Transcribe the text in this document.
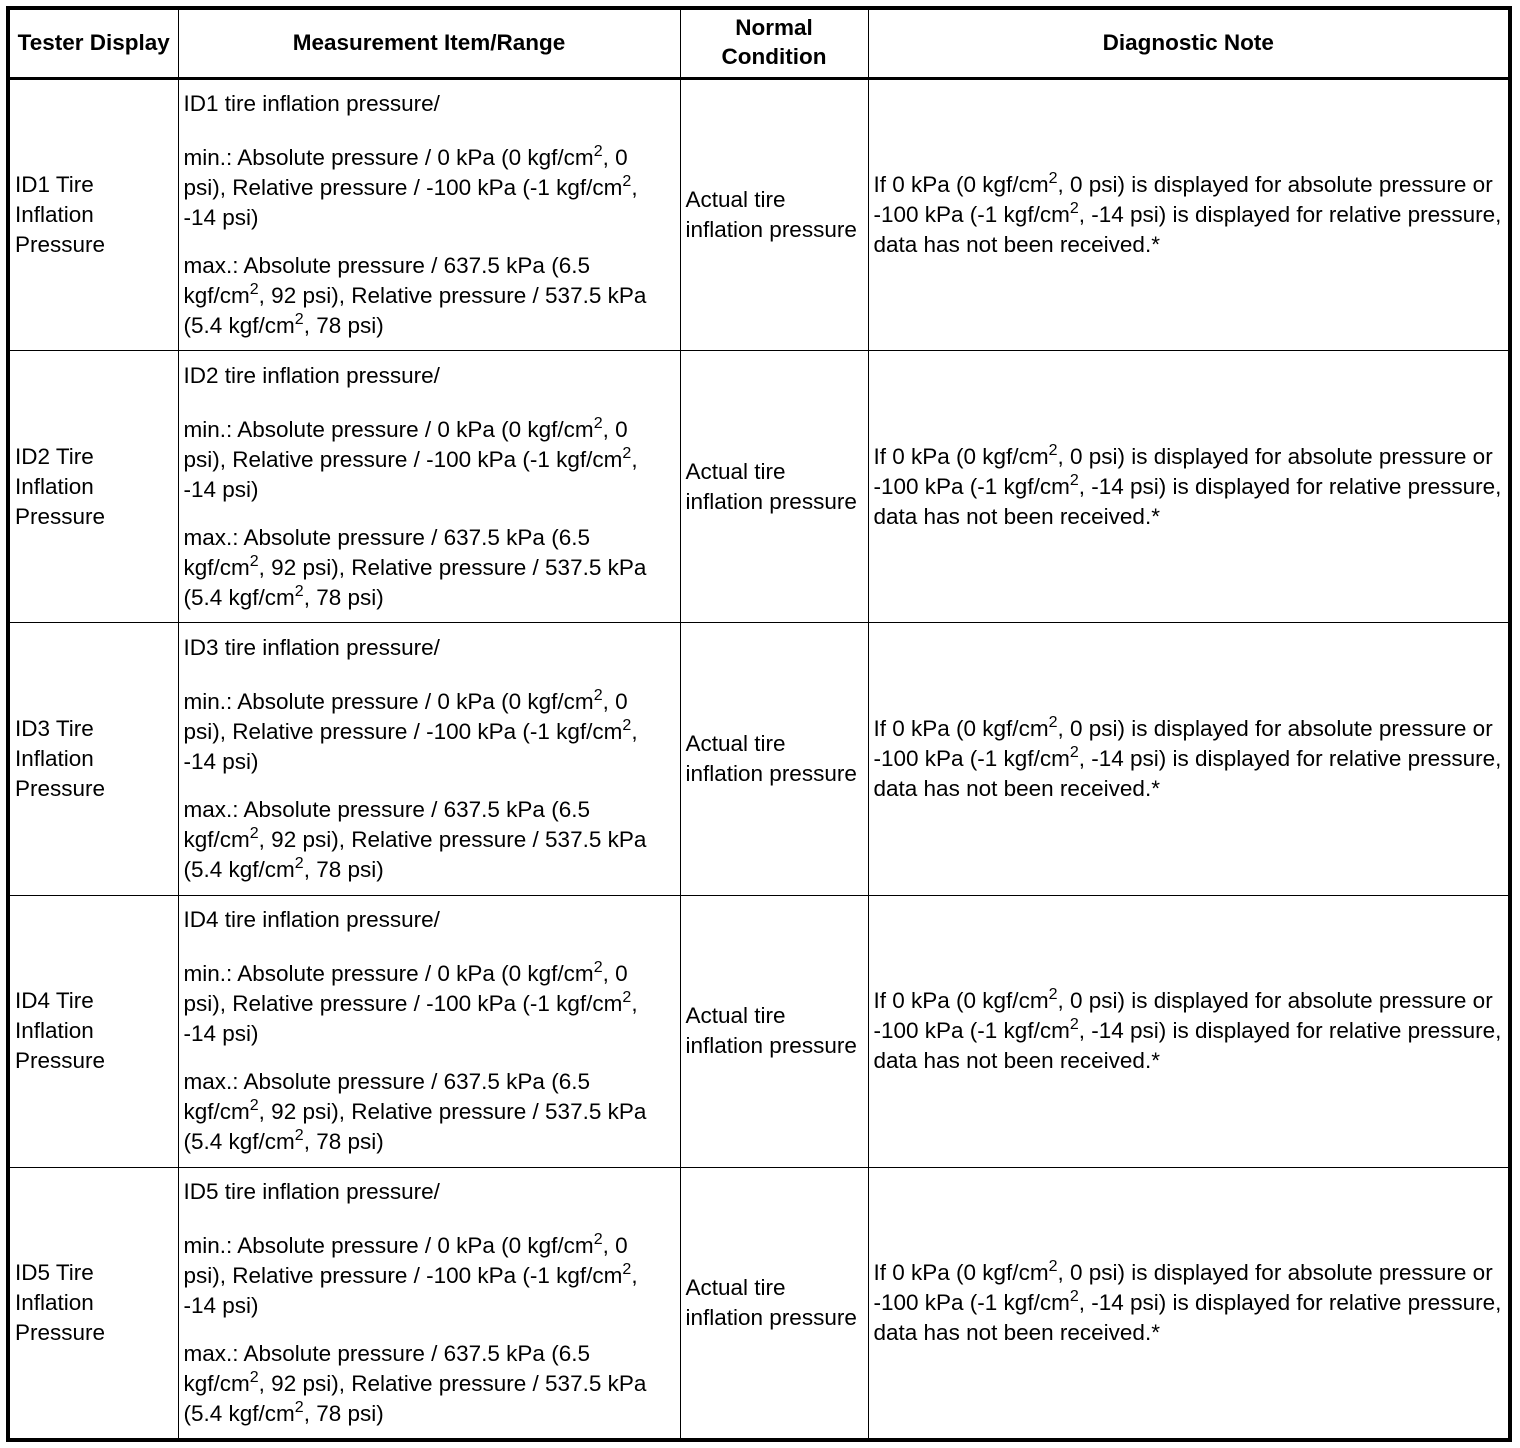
Tester Display	Measurement Item/Range	Normal Condition	Diagnostic Note
ID1 Tire Inflation Pressure	ID1 tire inflation pressure/
min.: Absolute pressure / 0 kPa (0 kgf/$cm^2$, 0 psi), Relative pressure / -100 kPa (-1 kgf/$cm^2$, -14 psi)
max.: Absolute pressure / 637.5 kPa (6.5 kgf/$cm^2$, 92 psi), Relative pressure / 537.5 kPa (5.4 kgf/$cm^2$, 78 psi)	Actual tire inflation pressure	If 0 kPa (0 kgf/$cm^2$, 0 psi) is displayed for absolute pressure or -100 kPa (-1 kgf/$cm^2$, -14 psi) is displayed for relative pressure, data has not been received.*
ID2 Tire Inflation Pressure	ID2 tire inflation pressure/
min.: Absolute pressure / 0 kPa (0 kgf/$cm^2$, 0 psi), Relative pressure / -100 kPa (-1 kgf/$cm^2$, -14 psi)
max.: Absolute pressure / 637.5 kPa (6.5 kgf/$cm^2$, 92 psi), Relative pressure / 537.5 kPa (5.4 kgf/$cm^2$, 78 psi)	Actual tire inflation pressure	If 0 kPa (0 kgf/$cm^2$, 0 psi) is displayed for absolute pressure or -100 kPa (-1 kgf/$cm^2$, -14 psi) is displayed for relative pressure, data has not been received.*
ID3 Tire Inflation Pressure	ID3 tire inflation pressure/
min.: Absolute pressure / 0 kPa (0 kgf/$cm^2$, 0 psi), Relative pressure / -100 kPa (-1 kgf/$cm^2$, -14 psi)
max.: Absolute pressure / 637.5 kPa (6.5 kgf/$cm^2$, 92 psi), Relative pressure / 537.5 kPa (5.4 kgf/$cm^2$, 78 psi)	Actual tire inflation pressure	If 0 kPa (0 kgf/$cm^2$, 0 psi) is displayed for absolute pressure or -100 kPa (-1 kgf/$cm^2$, -14 psi) is displayed for relative pressure, data has not been received.*
ID4 Tire Inflation Pressure	ID4 tire inflation pressure/
min.: Absolute pressure / 0 kPa (0 kgf/$cm^2$, 0 psi), Relative pressure / -100 kPa (-1 kgf/$cm^2$, -14 psi)
max.: Absolute pressure / 637.5 kPa (6.5 kgf/$cm^2$, 92 psi), Relative pressure / 537.5 kPa (5.4 kgf/$cm^2$, 78 psi)	Actual tire inflation pressure	If 0 kPa (0 kgf/$cm^2$, 0 psi) is displayed for absolute pressure or -100 kPa (-1 kgf/$cm^2$, -14 psi) is displayed for relative pressure, data has not been received.*
ID5 Tire Inflation Pressure	ID5 tire inflation pressure/
min.: Absolute pressure / 0 kPa (0 kgf/$cm^2$, 0 psi), Relative pressure / -100 kPa (-1 kgf/$cm^2$, -14 psi)
max.: Absolute pressure / 637.5 kPa (6.5 kgf/$cm^2$, 92 psi), Relative pressure / 537.5 kPa (5.4 kgf/$cm^2$, 78 psi)	Actual tire inflation pressure	If 0 kPa (0 kgf/$cm^2$, 0 psi) is displayed for absolute pressure or -100 kPa (-1 kgf/$cm^2$, -14 psi) is displayed for relative pressure, data has not been received.*
